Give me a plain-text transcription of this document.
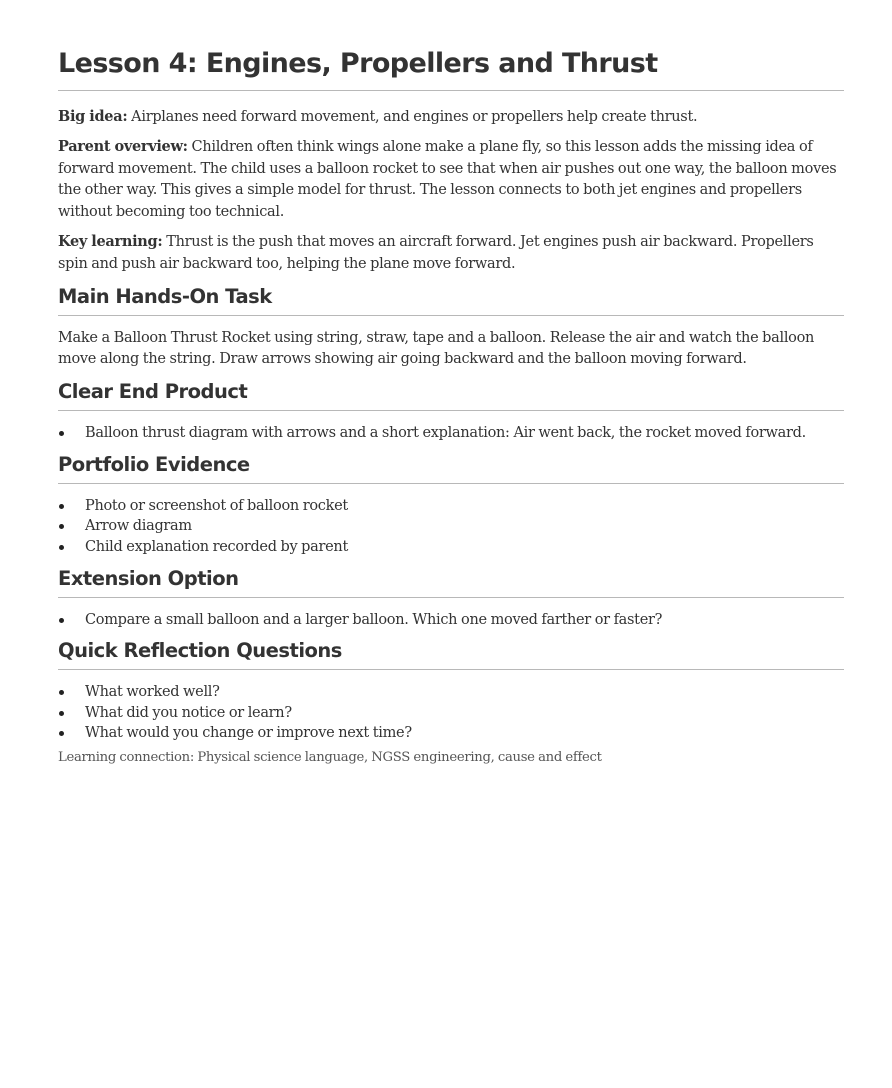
Lesson 4: Engines, Propellers and Thrust

Big idea: Airplanes need forward movement, and engines or propellers help create thrust.

Parent overview: Children often think wings alone make a plane fly, so this lesson adds the missing idea of forward movement. The child uses a balloon rocket to see that when air pushes out one way, the balloon moves the other way. This gives a simple model for thrust. The lesson connects to both jet engines and propellers without becoming too technical.

Key learning: Thrust is the push that moves an aircraft forward. Jet engines push air backward. Propellers spin and push air backward too, helping the plane move forward.

Main Hands-On Task

Make a Balloon Thrust Rocket using string, straw, tape and a balloon. Release the air and watch the balloon move along the string. Draw arrows showing air going backward and the balloon moving forward.

Clear End Product
Balloon thrust diagram with arrows and a short explanation: Air went back, the rocket moved forward.
Portfolio Evidence
Photo or screenshot of balloon rocket
Arrow diagram
Child explanation recorded by parent
Extension Option
Compare a small balloon and a larger balloon. Which one moved farther or faster?
Quick Reflection Questions
What worked well?
What did you notice or learn?
What would you change or improve next time?

Learning connection: Physical science language, NGSS engineering, cause and effect
